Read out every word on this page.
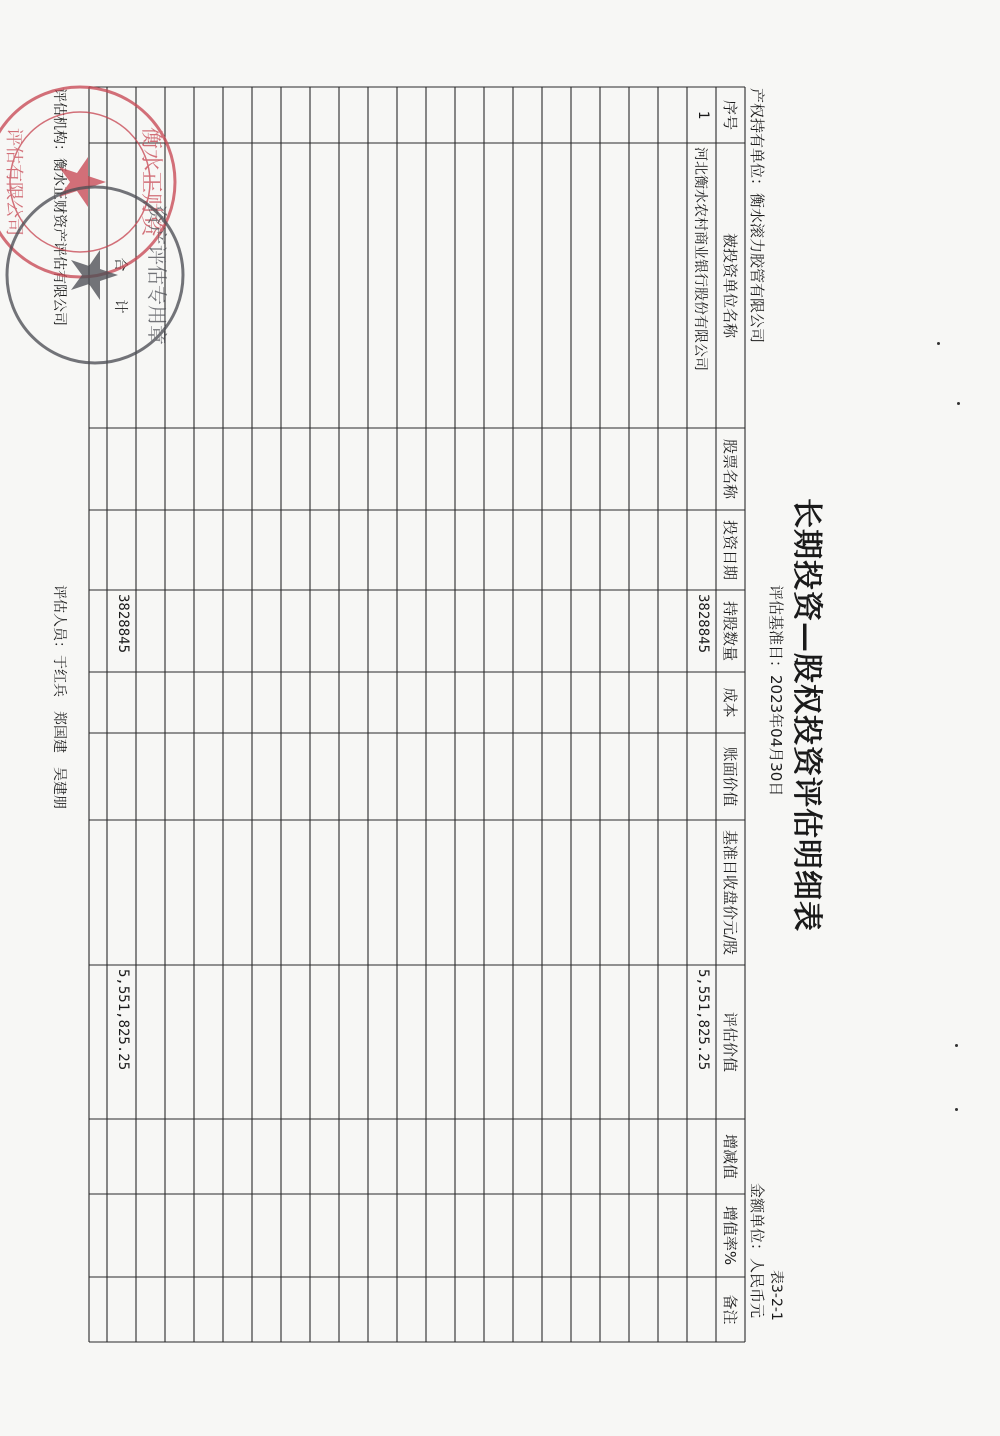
长期投资—股权投资评估明细表
表3-2-1
评估基准日：2023年04月30日
产权持有单位：衡水滚力胶管有限公司
金额单位：人民币元
序号
被投资单位名称
股票名称
投资日期
持股数量
成本
账面价值
基准日收盘价元/股
评估价值
增减值
增值率%
备注
1
河北衡水农村商业银行股份有限公司
3828845
5,551,825.25
合　　计
3828845
5,551,825.25
评估机构：衡水正财资产评估有限公司
评估人员：于红兵　郑国建　吴建朋
衡水正财资
评估有限公司
资产评估专用章
